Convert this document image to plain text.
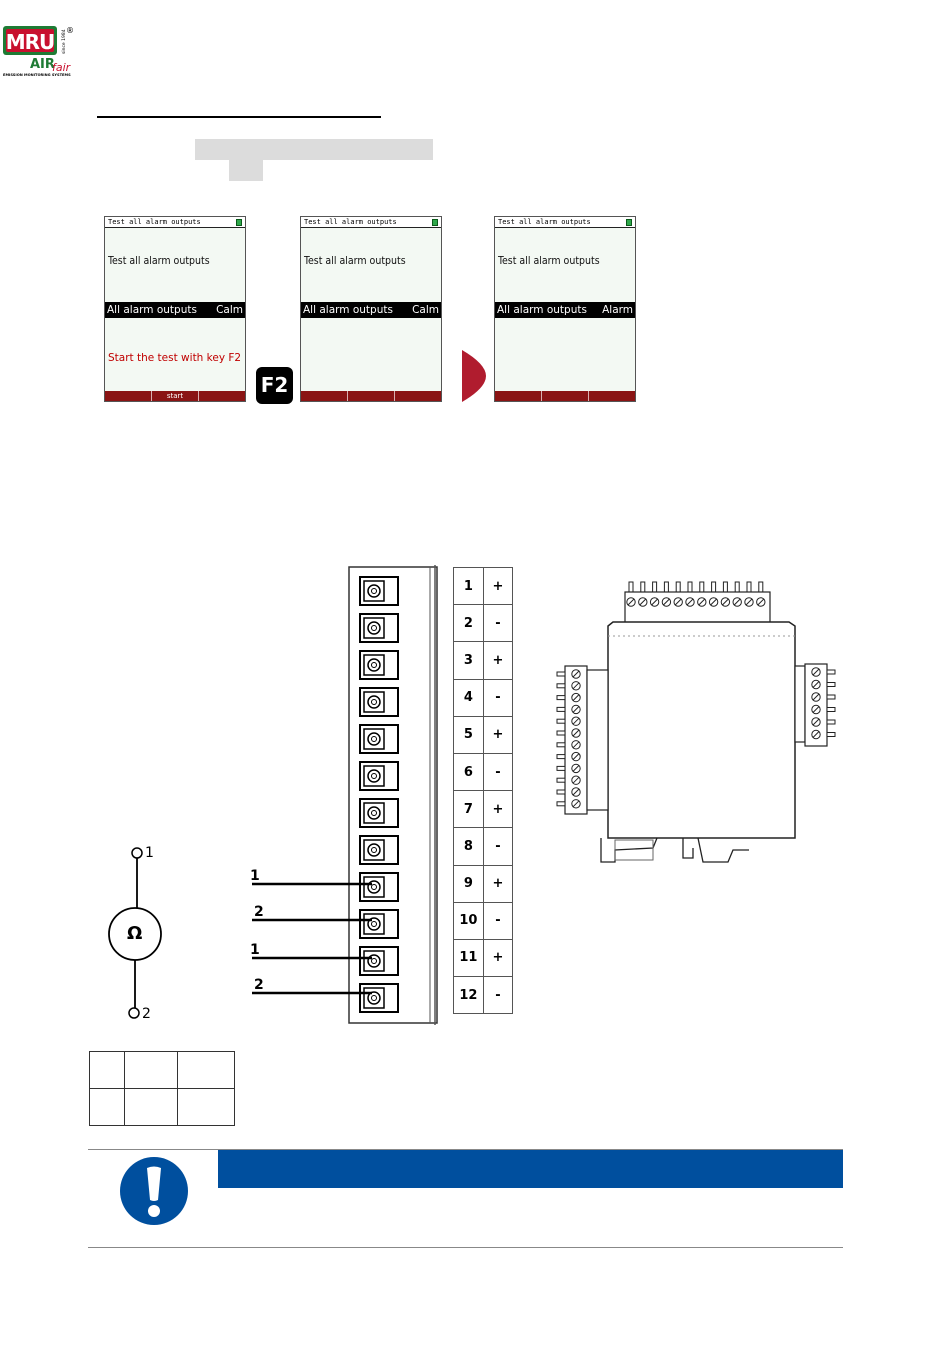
MRU ®
since 1984
AIR
fair
EMISSION MONITORING SYSTEMS
Test all alarm outputs
Test all alarm outputs
All alarm outputs Calm
Start the test with key F2
start	F2
Test all alarm outputs
Test all alarm outputs
All alarm outputs Calm
Test all alarm outputs
Test all alarm outputs
All alarm outputs Alarm
1
2
1
2
Ω
1
2
1	+
2	-
3	+
4	-
5	+
6	-
7	+
8	-
9	+
10	-
11	+
12	-
